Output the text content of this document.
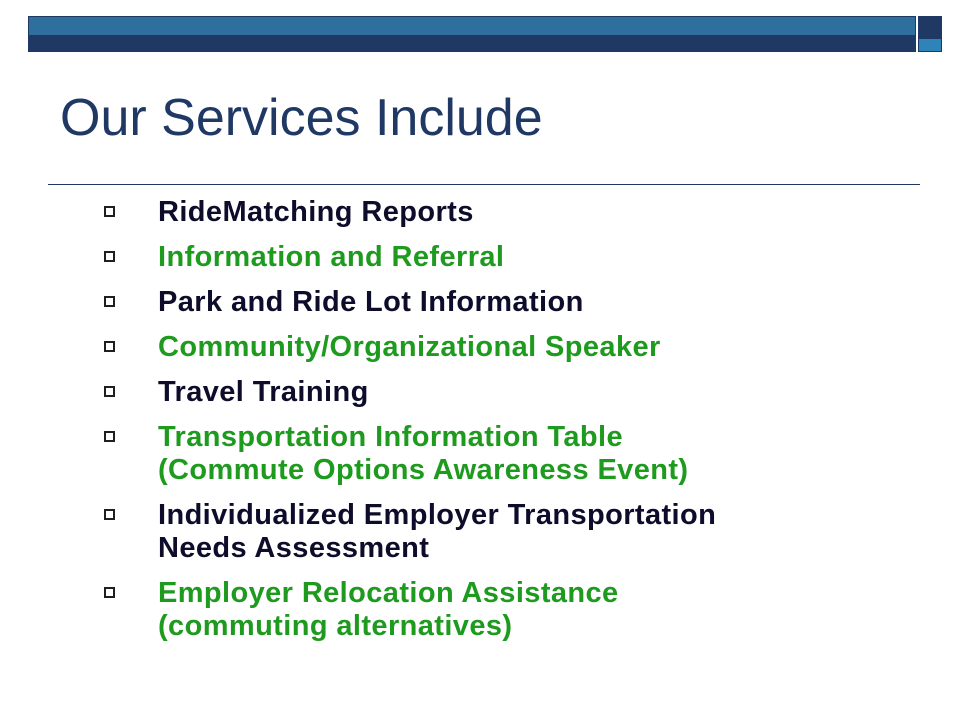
Our Services Include
RideMatching Reports
Information and Referral
Park and Ride Lot Information
Community/Organizational Speaker
Travel Training
Transportation Information Table
(Commute Options Awareness Event)
Individualized Employer Transportation
Needs Assessment
Employer Relocation Assistance
(commuting alternatives)
